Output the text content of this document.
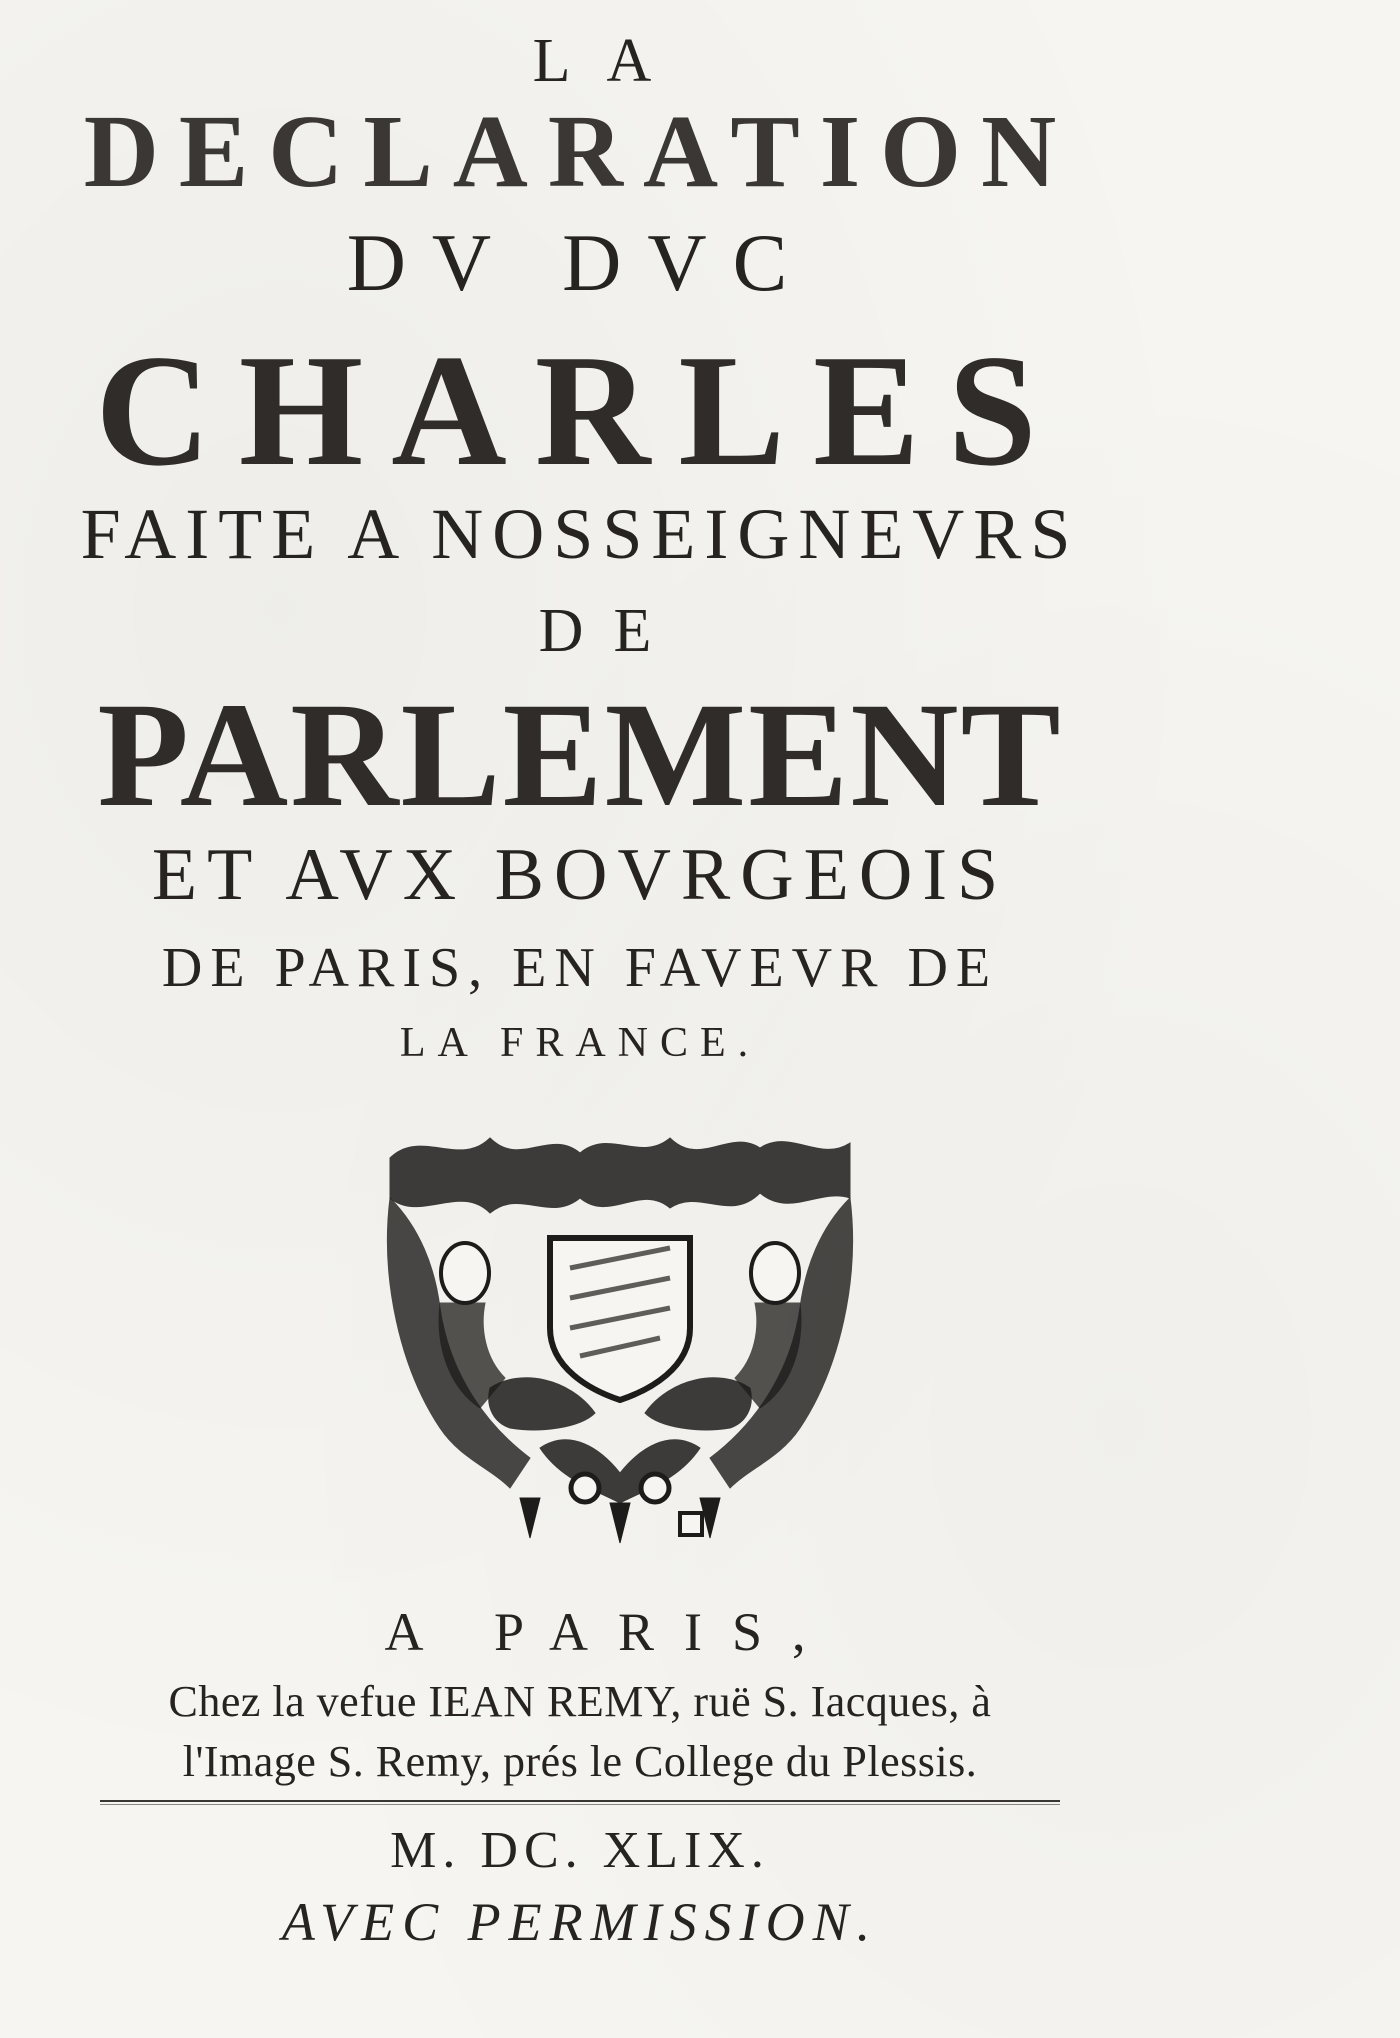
LA
DECLARATION
DV DVC
CHARLES
FAITE A NOSSEIGNEVRS
DE
PARLEMENT
ET AVX BOVRGEOIS
DE PARIS, EN FAVEVR DE
LA FRANCE.
A PARIS,
Chez la vefue IEAN REMY, ruë S. Iacques, à
l'Image S. Remy, prés le College du Plessis.
M. DC. XLIX.
AVEC PERMISSION.
